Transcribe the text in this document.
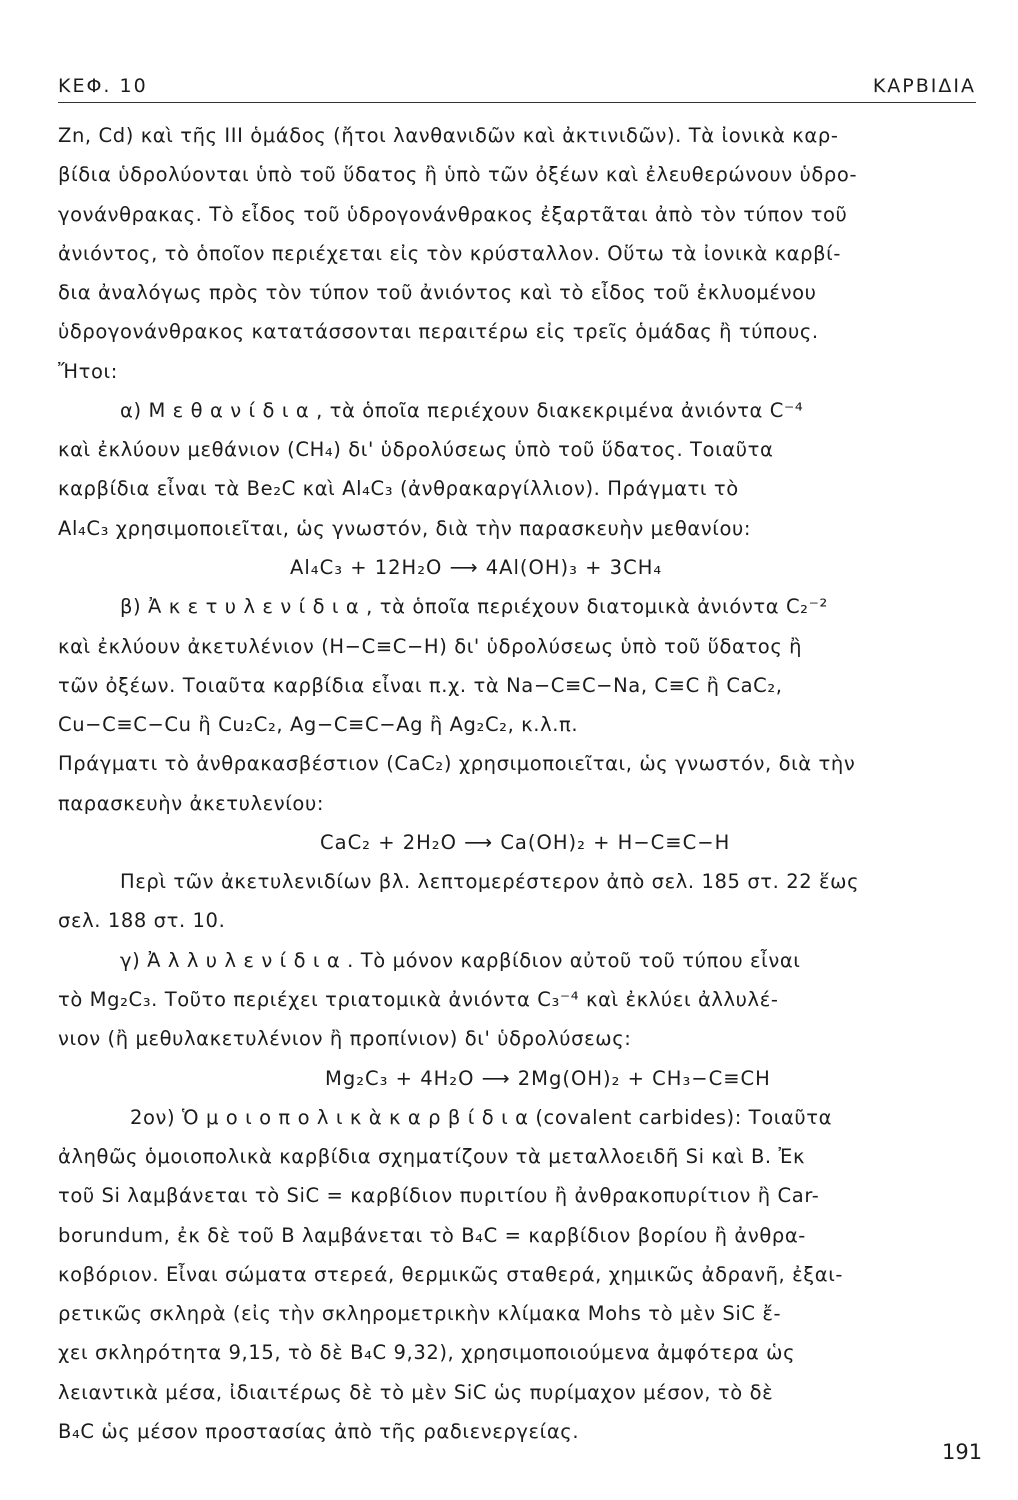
ΚΕΦ. 10	ΚΑΡΒΙΔΙΑ
Zn, Cd) καὶ τῆς III ὁμάδος (ἤτοι λανθανιδῶν καὶ ἀκτινιδῶν). Τὰ ἰονικὰ καρ-
βίδια ὑδρολύονται ὑπὸ τοῦ ὕδατος ἢ ὑπὸ τῶν ὀξέων καὶ ἐλευθερώνουν ὑδρο-
γονάνθρακας. Τὸ εἶδος τοῦ ὑδρογονάνθρακος ἐξαρτᾶται ἀπὸ τὸν τύπον τοῦ
ἀνιόντος, τὸ ὁποῖον περιέχεται εἰς τὸν κρύσταλλον. Οὕτω τὰ ἰονικὰ καρβί-
δια ἀναλόγως πρὸς τὸν τύπον τοῦ ἀνιόντος καὶ τὸ εἶδος τοῦ ἐκλυομένου
ὑδρογονάνθρακος κατατάσσονται περαιτέρω εἰς τρεῖς ὁμάδας ἢ τύπους.
Ἤτοι:
α) Μ ε θ α ν ί δ ι α , τὰ ὁποῖα περιέχουν διακεκριμένα ἀνιόντα C⁻⁴
καὶ ἐκλύουν μεθάνιον (CH₄) δι' ὑδρολύσεως ὑπὸ τοῦ ὕδατος. Τοιαῦτα
καρβίδια εἶναι τὰ Be₂C καὶ Al₄C₃ (ἀνθρακαργίλλιον). Πράγματι τὸ
Al₄C₃ χρησιμοποιεῖται, ὡς γνωστόν, διὰ τὴν παρασκευὴν μεθανίου:
Al₄C₃ + 12H₂O ⟶ 4Al(OH)₃ + 3CH₄
β) Ἀ κ ε τ υ λ ε ν ί δ ι α , τὰ ὁποῖα περιέχουν διατομικὰ ἀνιόντα C₂⁻²
καὶ ἐκλύουν ἀκετυλένιον (H−C≡C−H) δι' ὑδρολύσεως ὑπὸ τοῦ ὕδατος ἢ
τῶν ὀξέων. Τοιαῦτα καρβίδια εἶναι π.χ. τὰ Na−C≡C−Na, C≡C ἢ CaC₂,
Cu−C≡C−Cu ἢ Cu₂C₂, Ag−C≡C−Ag ἢ Ag₂C₂, κ.λ.π.
Πράγματι τὸ ἀνθρακασβέστιον (CaC₂) χρησιμοποιεῖται, ὡς γνωστόν, διὰ τὴν
παρασκευὴν ἀκετυλενίου:
CaC₂ + 2H₂O ⟶ Ca(OH)₂ + H−C≡C−H
Περὶ τῶν ἀκετυλενιδίων βλ. λεπτομερέστερον ἀπὸ σελ. 185 στ. 22 ἕως
σελ. 188 στ. 10.
γ) Ἀ λ λ υ λ ε ν ί δ ι α . Τὸ μόνον καρβίδιον αὐτοῦ τοῦ τύπου εἶναι
τὸ Mg₂C₃. Τοῦτο περιέχει τριατομικὰ ἀνιόντα C₃⁻⁴ καὶ ἐκλύει ἀλλυλέ-
νιον (ἢ μεθυλακετυλένιον ἢ προπίνιον) δι' ὑδρολύσεως:
Mg₂C₃ + 4H₂O ⟶ 2Mg(OH)₂ + CH₃−C≡CH
2ον) Ὁ μ ο ι ο π ο λ ι κ ὰ κ α ρ β ί δ ι α (covalent carbides): Τοιαῦτα
ἀληθῶς ὁμοιοπολικὰ καρβίδια σχηματίζουν τὰ μεταλλοειδῆ Si καὶ B. Ἐκ
τοῦ Si λαμβάνεται τὸ SiC = καρβίδιον πυριτίου ἢ ἀνθρακοπυρίτιον ἢ Car-
borundum, ἐκ δὲ τοῦ B λαμβάνεται τὸ B₄C = καρβίδιον βορίου ἢ ἀνθρα-
κοβόριον. Εἶναι σώματα στερεά, θερμικῶς σταθερά, χημικῶς ἀδρανῆ, ἐξαι-
ρετικῶς σκληρὰ (εἰς τὴν σκληρομετρικὴν κλίμακα Mohs τὸ μὲν SiC ἔ-
χει σκληρότητα 9,15, τὸ δὲ B₄C 9,32), χρησιμοποιούμενα ἀμφότερα ὡς
λειαντικὰ μέσα, ἰδιαιτέρως δὲ τὸ μὲν SiC ὡς πυρίμαχον μέσον, τὸ δὲ
B₄C ὡς μέσον προστασίας ἀπὸ τῆς ραδιενεργείας.
191
